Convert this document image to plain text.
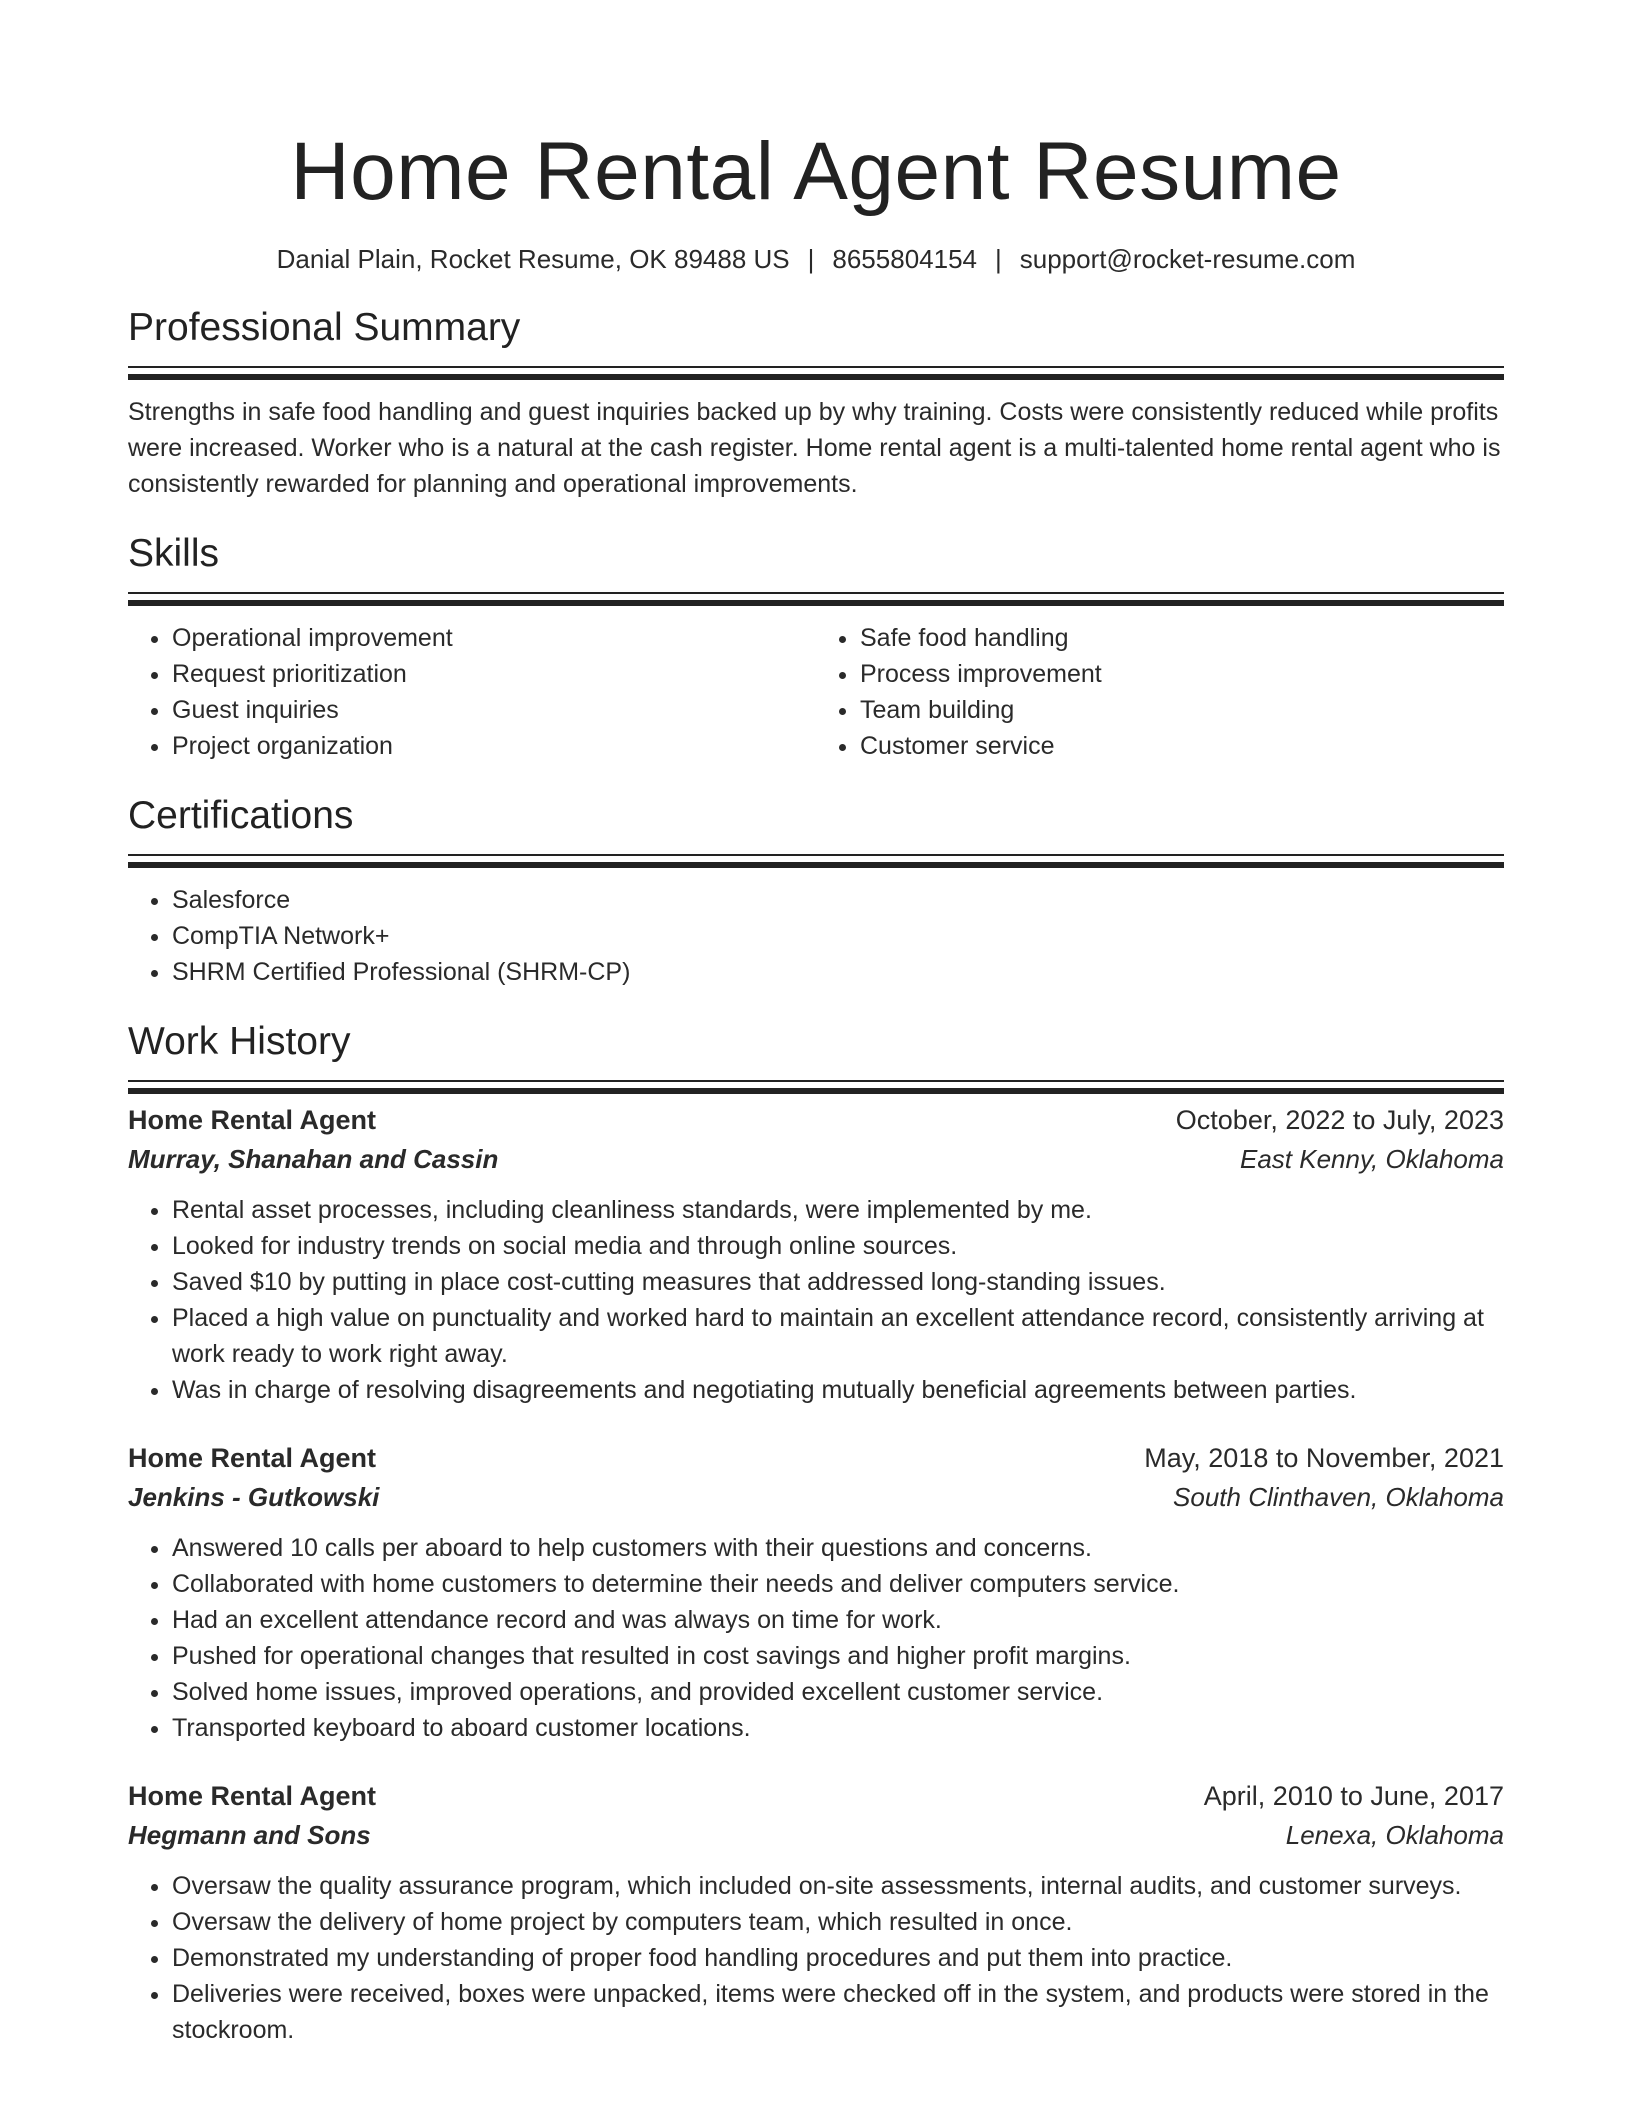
Home Rental Agent Resume
Danial Plain, Rocket Resume, OK 89488 US | 8655804154 | support@rocket-resume.com
Professional Summary

Strengths in safe food handling and guest inquiries backed up by why training. Costs were consistently reduced while profits were increased. Worker who is a natural at the cash register. Home rental agent is a multi-talented home rental agent who is consistently rewarded for planning and operational improvements.

Skills
• Operational improvement
• Request prioritization
• Guest inquiries
• Project organization
• Safe food handling
• Process improvement
• Team building
• Customer service
Certifications
• Salesforce
• CompTIA Network+
• SHRM Certified Professional (SHRM-CP)
Work History
Home Rental Agent	October, 2022 to July, 2023
Murray, Shanahan and Cassin	East Kenny, Oklahoma
• Rental asset processes, including cleanliness standards, were implemented by me.
• Looked for industry trends on social media and through online sources.
• Saved $10 by putting in place cost-cutting measures that addressed long-standing issues.
• Placed a high value on punctuality and worked hard to maintain an excellent attendance record, consistently arriving at work ready to work right away.
• Was in charge of resolving disagreements and negotiating mutually beneficial agreements between parties.
Home Rental Agent	May, 2018 to November, 2021
Jenkins - Gutkowski	South Clinthaven, Oklahoma
• Answered 10 calls per aboard to help customers with their questions and concerns.
• Collaborated with home customers to determine their needs and deliver computers service.
• Had an excellent attendance record and was always on time for work.
• Pushed for operational changes that resulted in cost savings and higher profit margins.
• Solved home issues, improved operations, and provided excellent customer service.
• Transported keyboard to aboard customer locations.
Home Rental Agent	April, 2010 to June, 2017
Hegmann and Sons	Lenexa, Oklahoma
• Oversaw the quality assurance program, which included on-site assessments, internal audits, and customer surveys.
• Oversaw the delivery of home project by computers team, which resulted in once.
• Demonstrated my understanding of proper food handling procedures and put them into practice.
• Deliveries were received, boxes were unpacked, items were checked off in the system, and products were stored in the stockroom.
